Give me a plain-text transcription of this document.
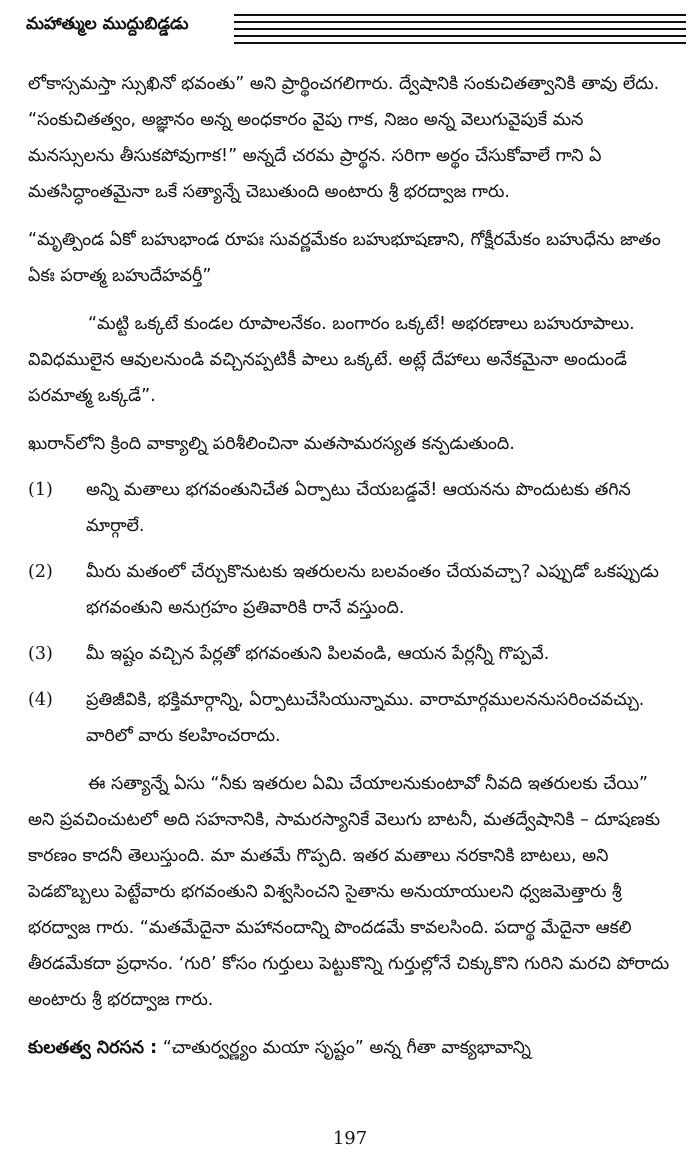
మహాత్ముల ముద్దుబిడ్డడు

లోకాస్సమస్తా స్సుఖినో భవంతు” అని ప్రార్థించగలిగారు. ద్వేషానికి సంకుచితత్వానికి తావు లేదు. “సంకుచితత్వం, అజ్ఞానం అన్న అంధకారం వైపు గాక, నిజం అన్న వెలుగువైపుకే మన మనస్సులను తీసుకపోవుగాక!” అన్నదే చరమ ప్రార్థన. సరిగా అర్థం చేసుకోవాలే గాని ఏ మతసిద్ధాంతమైనా ఒకే సత్యాన్నే చెబుతుంది అంటారు శ్రీ భరద్వాజ గారు.

“మృత్పిండ ఏకో బహుభాండ రూపః సువర్ణమేకం బహుభూషణాని, గోక్షీరమేకం బహుధేను జాతం ఏకః పరాత్మ బహుదేహవర్తీ”

“మట్టి ఒక్కటే కుండల రూపాలనేకం. బంగారం ఒక్కటే! అభరణాలు బహురూపాలు. వివిధములైన ఆవులనుండి వచ్చినప్పటికీ పాలు ఒక్కటే. అట్లే దేహాలు అనేకమైనా అందుండే పరమాత్మ ఒక్కడే”.

ఖురాన్‌లోని క్రింది వాక్యాల్ని పరిశీలించినా మతసామరస్యత కన్పడుతుంది.

(1)	అన్ని మతాలు భగవంతునిచేత ఏర్పాటు చేయబడ్డవే! ఆయనను పొందుటకు తగిన మార్గాలే.
(2)	మీరు మతంలో చేర్చుకొనుటకు ఇతరులను బలవంతం చేయవచ్చా? ఎప్పుడో ఒకప్పుడు భగవంతుని అనుగ్రహం ప్రతివారికి రానే వస్తుంది.
(3)	మీ ఇష్టం వచ్చిన పేర్లతో భగవంతుని పిలవండి, ఆయన పేర్లన్నీ గొప్పవే.
(4)	ప్రతిజీవికి, భక్తిమార్గాన్ని, ఏర్పాటుచేసియున్నాము. వారామార్గములననుసరించవచ్చు. వారిలో వారు కలహించరాదు.

ఈ సత్యాన్నే ఏసు “నీకు ఇతరుల ఏమి చేయాలనుకుంటావో నీవది ఇతరులకు చేయి” అని ప్రవచించుటలో అది సహనానికి, సామరస్యానికే వెలుగు బాటనీ, మతద్వేషానికి – దూషణకు కారణం కాదనీ తెలుస్తుంది. మా మతమే గొప్పది. ఇతర మతాలు నరకానికి బాటలు, అని పెడబొబ్బలు పెట్టేవారు భగవంతుని విశ్వసించని సైతాను అనుయాయులని ధ్వజమెత్తారు శ్రీ భరద్వాజ గారు. “మతమేదైనా మహానందాన్ని పొందడమే కావలసింది. పదార్థ మేదైనా ఆకలి తీరడమేకదా ప్రధానం. ‘గురి’ కోసం గుర్తులు పెట్టుకొన్ని గుర్తుల్లోనే చిక్కుకొని గురిని మరచి పోరాదు అంటారు శ్రీ భరద్వాజ గారు.

కులతత్వ నిరసన : “చాతుర్వర్ణ్యం మయా సృష్టం” అన్న గీతా వాక్యభావాన్ని

197
